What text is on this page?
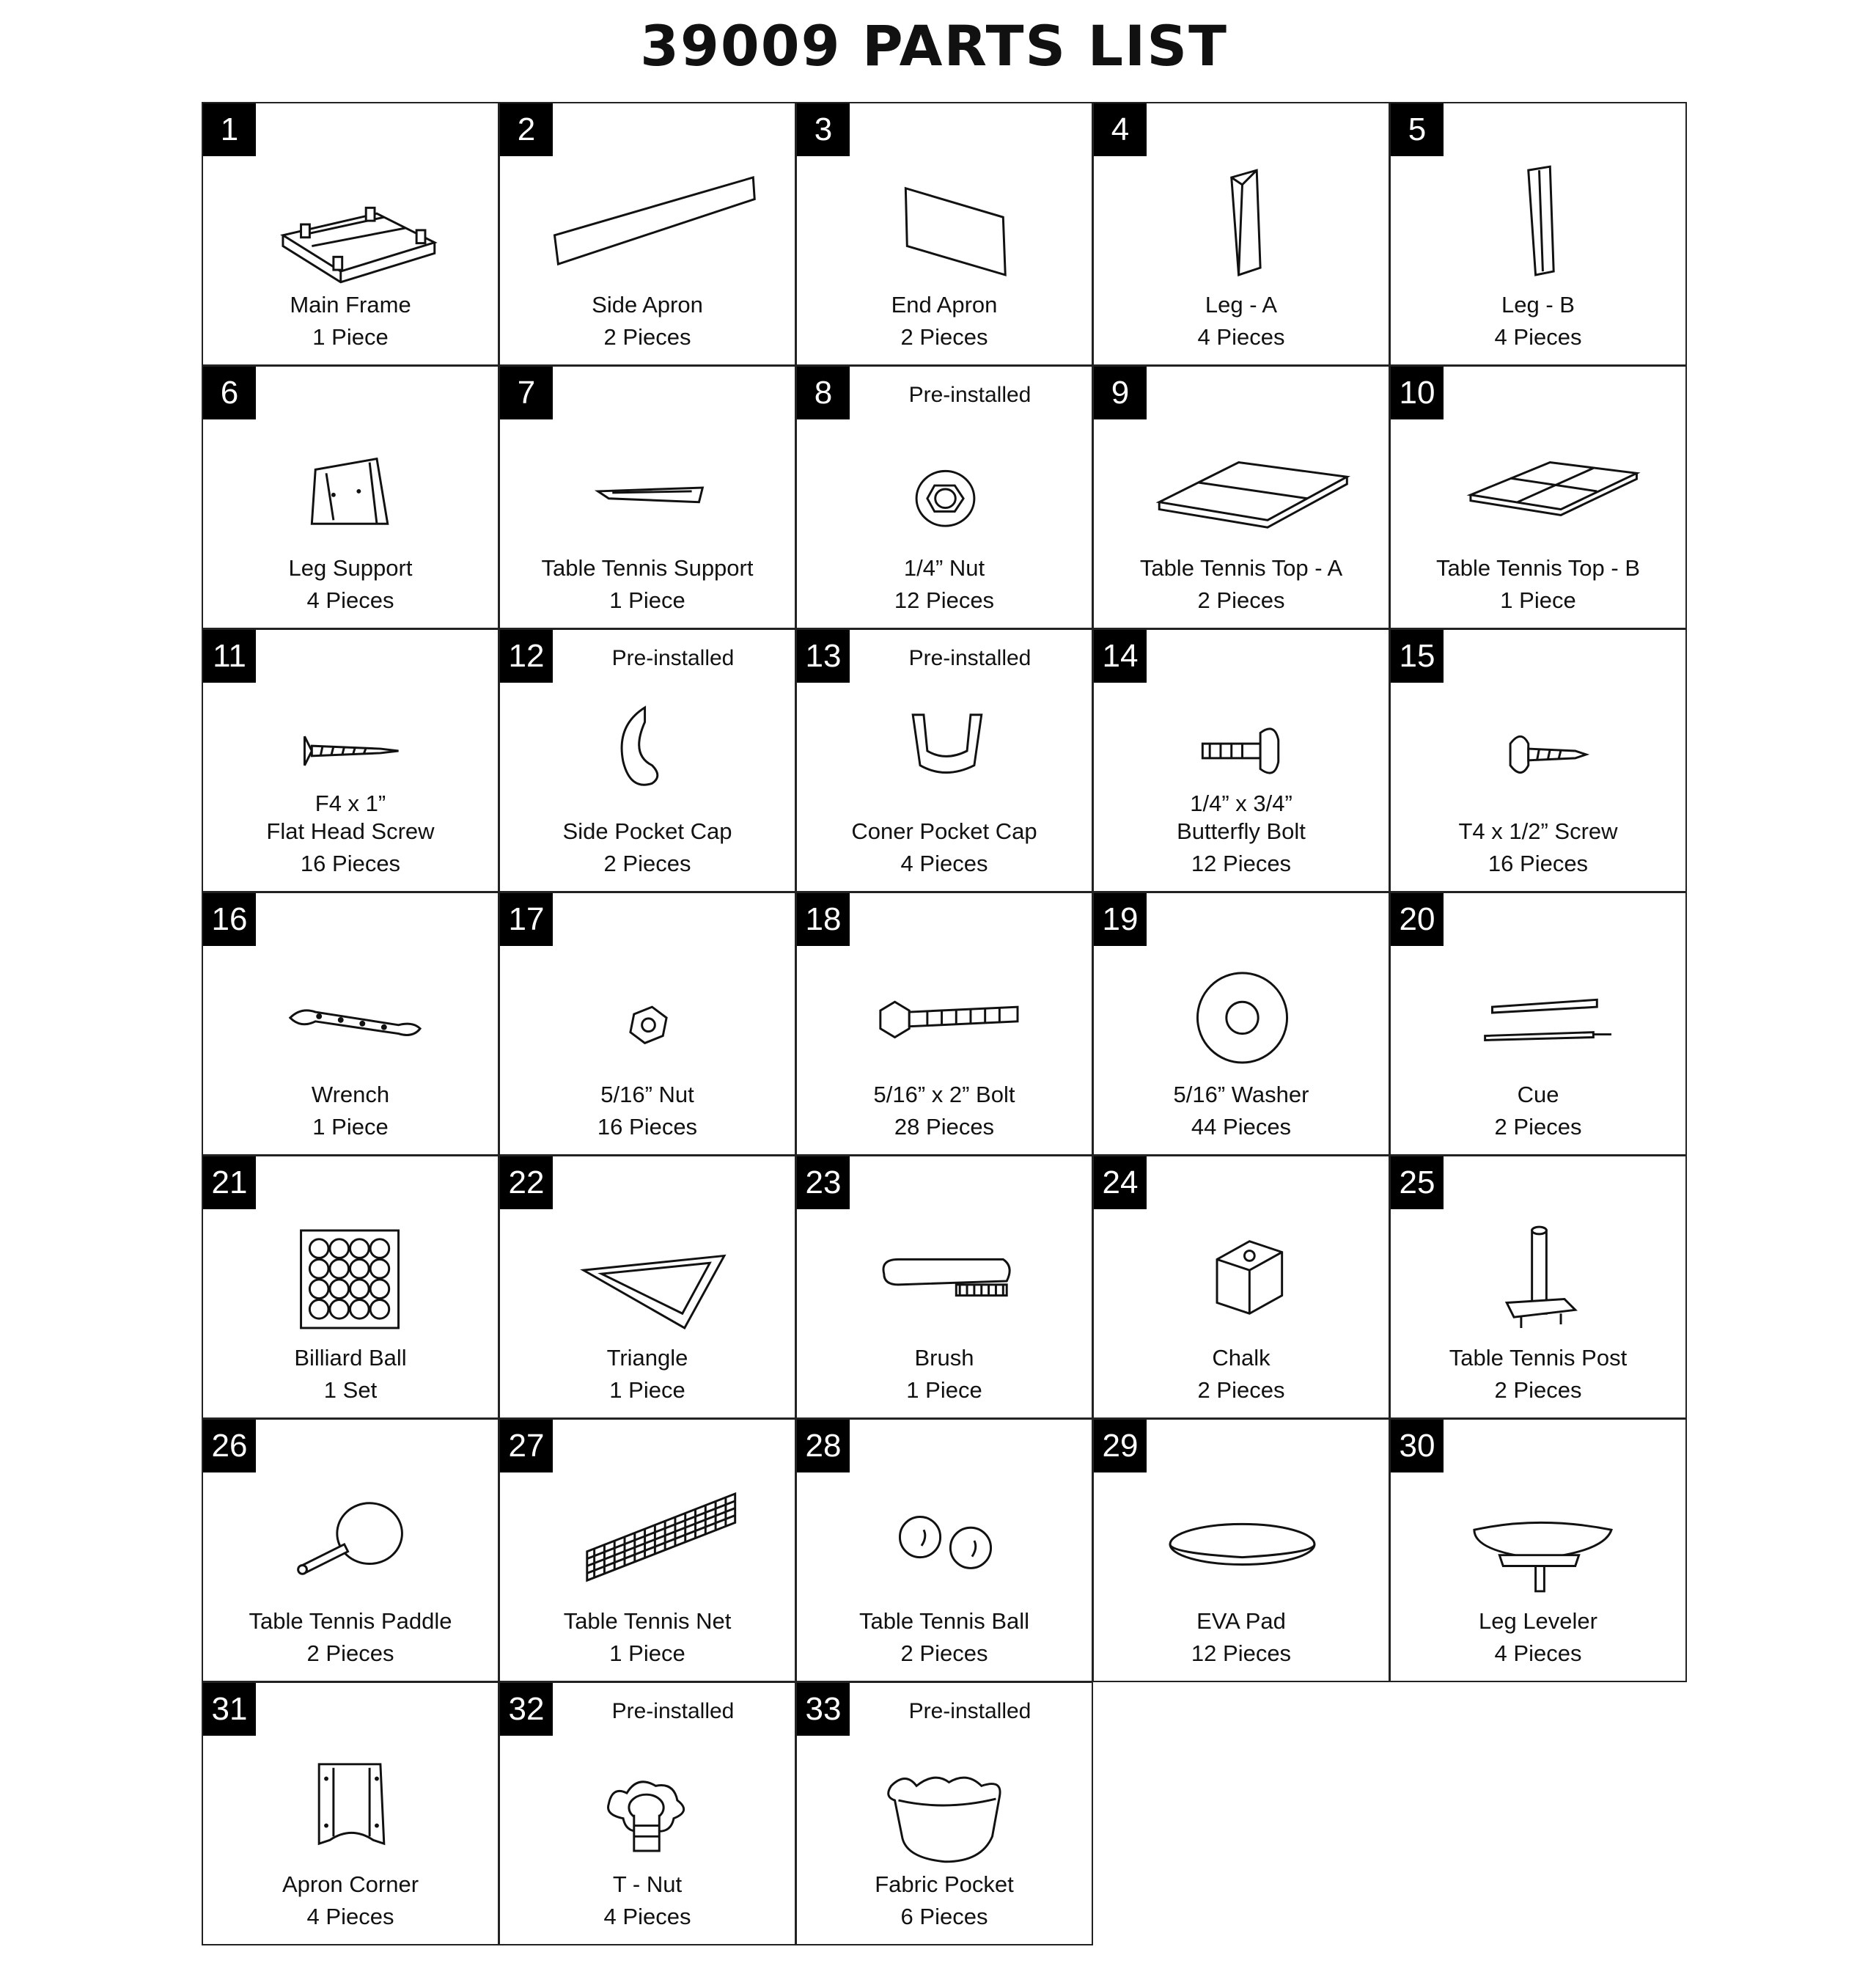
39009 PARTS LIST
1
Main Frame
1 Piece
2
Side Apron
2 Pieces
3
End Apron
2 Pieces
4
Leg - A
4 Pieces
5
Leg - B
4 Pieces
6
Leg Support
4 Pieces
7
Table Tennis Support
1 Piece
8	Pre-installed
1/4” Nut
12 Pieces
9
Table Tennis Top - A
2 Pieces
10
Table Tennis Top - B
1 Piece
11
F4 x 1”
Flat Head Screw
16 Pieces
12	Pre-installed
Side Pocket Cap
2 Pieces
13	Pre-installed
Coner Pocket Cap
4 Pieces
14
1/4” x 3/4”
Butterfly Bolt
12 Pieces
15
T4 x 1/2” Screw
16 Pieces
16
Wrench
1 Piece
17
5/16” Nut
16 Pieces
18
5/16” x 2” Bolt
28 Pieces
19
5/16” Washer
44 Pieces
20
Cue
2 Pieces
21
Billiard Ball
1 Set
22
Triangle
1 Piece
23
Brush
1 Piece
24
Chalk
2 Pieces
25
Table Tennis Post
2 Pieces
26
Table Tennis Paddle
2 Pieces
27
Table Tennis Net
1 Piece
28
Table Tennis Ball
2 Pieces
29
EVA Pad
12 Pieces
30
Leg Leveler
4 Pieces
31
Apron Corner
4 Pieces
32	Pre-installed
T - Nut
4 Pieces
33	Pre-installed
Fabric Pocket
6 Pieces
